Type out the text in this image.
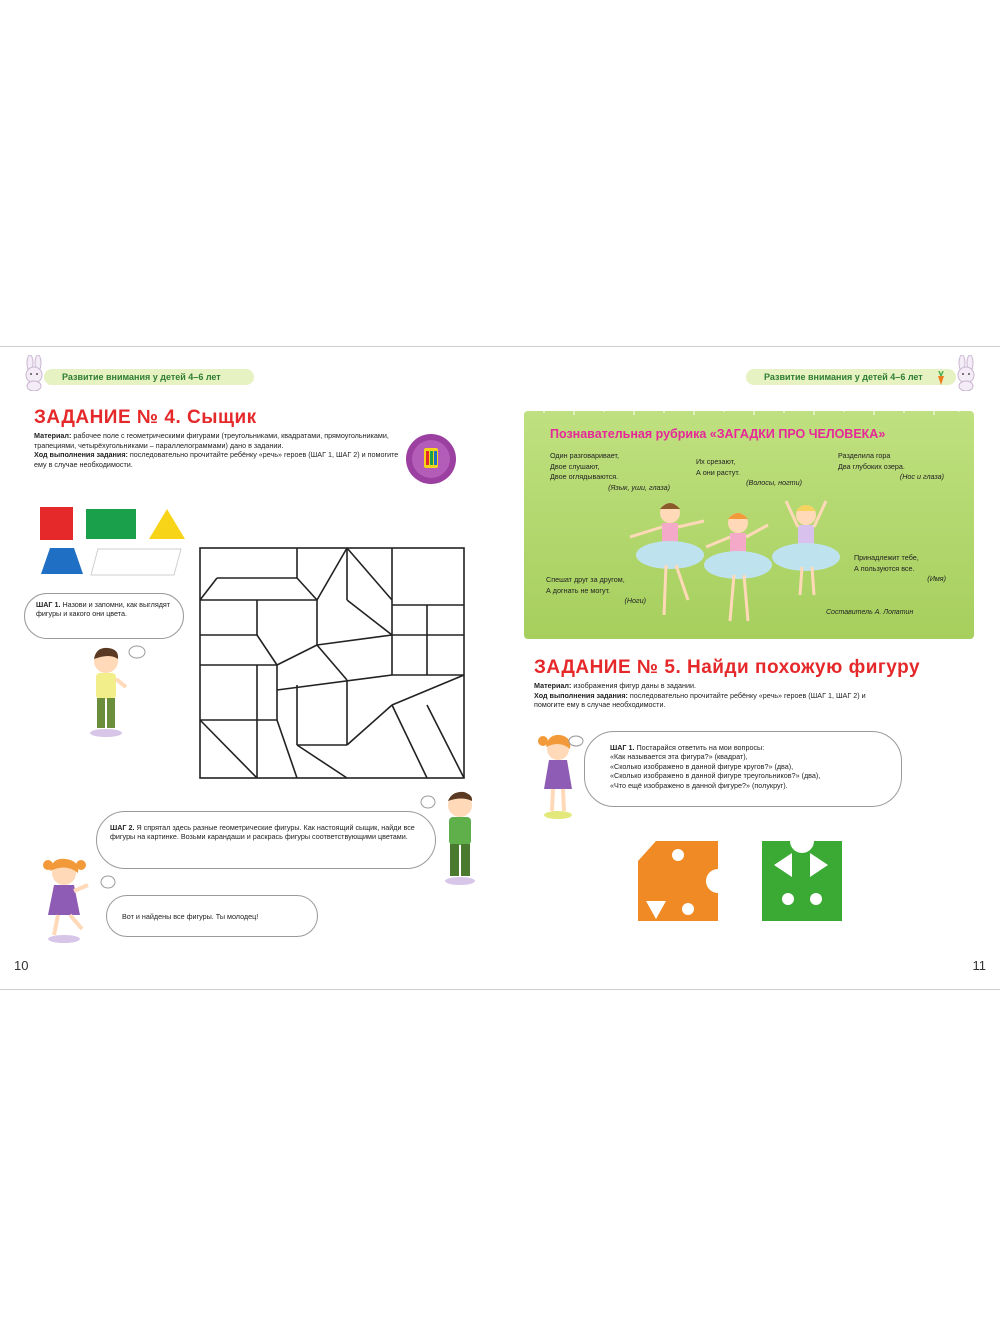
Развитие внимания у детей 4–6 лет
ЗАДАНИЕ № 4. Сыщик
Материал: рабочее поле с геометрическими фигурами (треугольниками, квадратами, прямоугольниками, трапециями, четырёхугольниками – параллелограммами) дано в задании.
Ход выполнения задания: последовательно прочитайте ребёнку «речь» героев (ШАГ 1, ШАГ 2) и помогите ему в случае необходимости.
ШАГ 1. Назови и запомни, как выглядят фигуры и какого они цвета.
ШАГ 2. Я спрятал здесь разные геометрические фигуры. Как настоящий сыщик, найди все фигуры на картинке. Возьми карандаши и раскрась фигуры соответствующими цветами.
Вот и найдены все фигуры. Ты молодец!
10
Развитие внимания у детей 4–6 лет
Познавательная рубрика «ЗАГАДКИ ПРО ЧЕЛОВЕКА»
Один разговаривает,
Двое слушают,
Двое оглядываются.
(Язык, уши, глаза)
Их срезают,
А они растут.
(Волосы, ногти)
Разделила гора
Два глубоких озера.
(Нос и глаза)
Спешат друг за другом,
А догнать не могут.
(Ноги)
Принадлежит тебе,
А пользуются все.
(Имя)
Составитель А. Лопатин
ЗАДАНИЕ № 5. Найди похожую фигуру
Материал: изображения фигур даны в задании.
Ход выполнения задания: последовательно прочитайте ребёнку «речь» героев (ШАГ 1, ШАГ 2) и помогите ему в случае необходимости.
ШАГ 1. Постарайся ответить на мои вопросы:
«Как называется эта фигура?» (квадрат),
«Сколько изображено в данной фигуре кругов?» (два),
«Сколько изображено в данной фигуре треугольников?» (два),
«Что ещё изображено в данной фигуре?» (полукруг).
11
